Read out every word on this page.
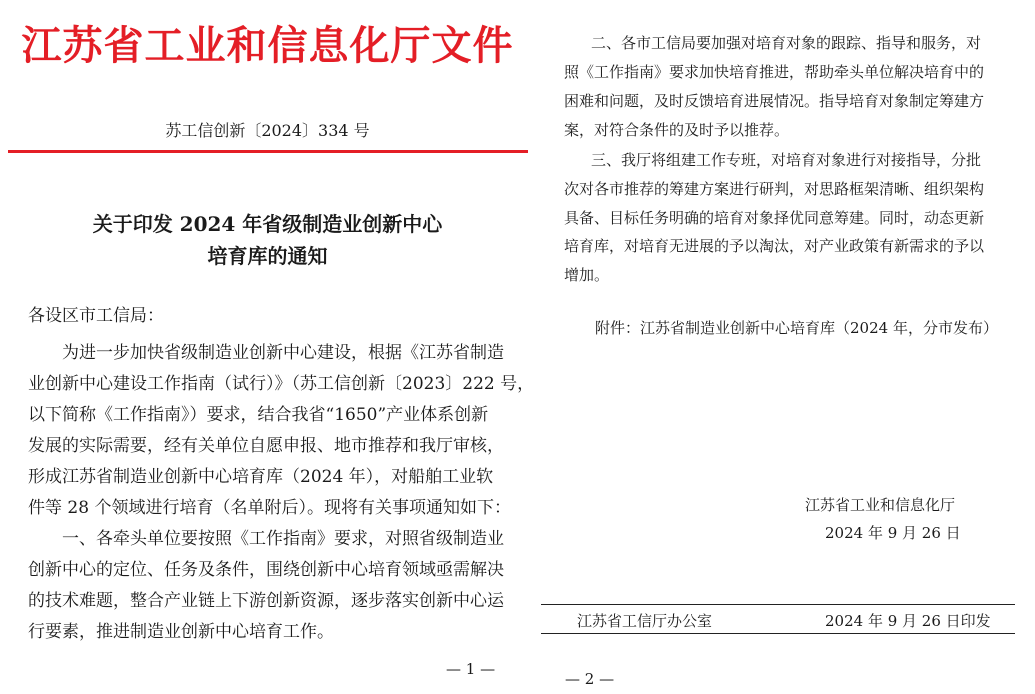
江苏省工业和信息化厅文件
苏工信创新〔2024〕334 号
关于印发 2024 年省级制造业创新中心
培育库的通知
各设区市工信局：
为进一步加快省级制造业创新中心建设，根据《江苏省制造
业创新中心建设工作指南（试行）》（苏工信创新〔2023〕222 号，
以下简称《工作指南》）要求，结合我省“1650”产业体系创新
发展的实际需要，经有关单位自愿申报、地市推荐和我厅审核，
形成江苏省制造业创新中心培育库（2024 年），对船舶工业软
件等 28 个领域进行培育（名单附后）。现将有关事项通知如下：
一、各牵头单位要按照《工作指南》要求，对照省级制造业
创新中心的定位、任务及条件，围绕创新中心培育领域亟需解决
的技术难题，整合产业链上下游创新资源，逐步落实创新中心运
行要素，推进制造业创新中心培育工作。
— 1 —
二、各市工信局要加强对培育对象的跟踪、指导和服务，对
照《工作指南》要求加快培育推进，帮助牵头单位解决培育中的
困难和问题，及时反馈培育进展情况。指导培育对象制定筹建方
案，对符合条件的及时予以推荐。
三、我厅将组建工作专班，对培育对象进行对接指导，分批
次对各市推荐的筹建方案进行研判，对思路框架清晰、组织架构
具备、目标任务明确的培育对象择优同意筹建。同时，动态更新
培育库，对培育无进展的予以淘汰，对产业政策有新需求的予以
增加。
附件：江苏省制造业创新中心培育库（2024 年，分市发布）
江苏省工业和信息化厅
2024 年 9 月 26 日
江苏省工信厅办公室	2024 年 9 月 26 日印发
— 2 —
